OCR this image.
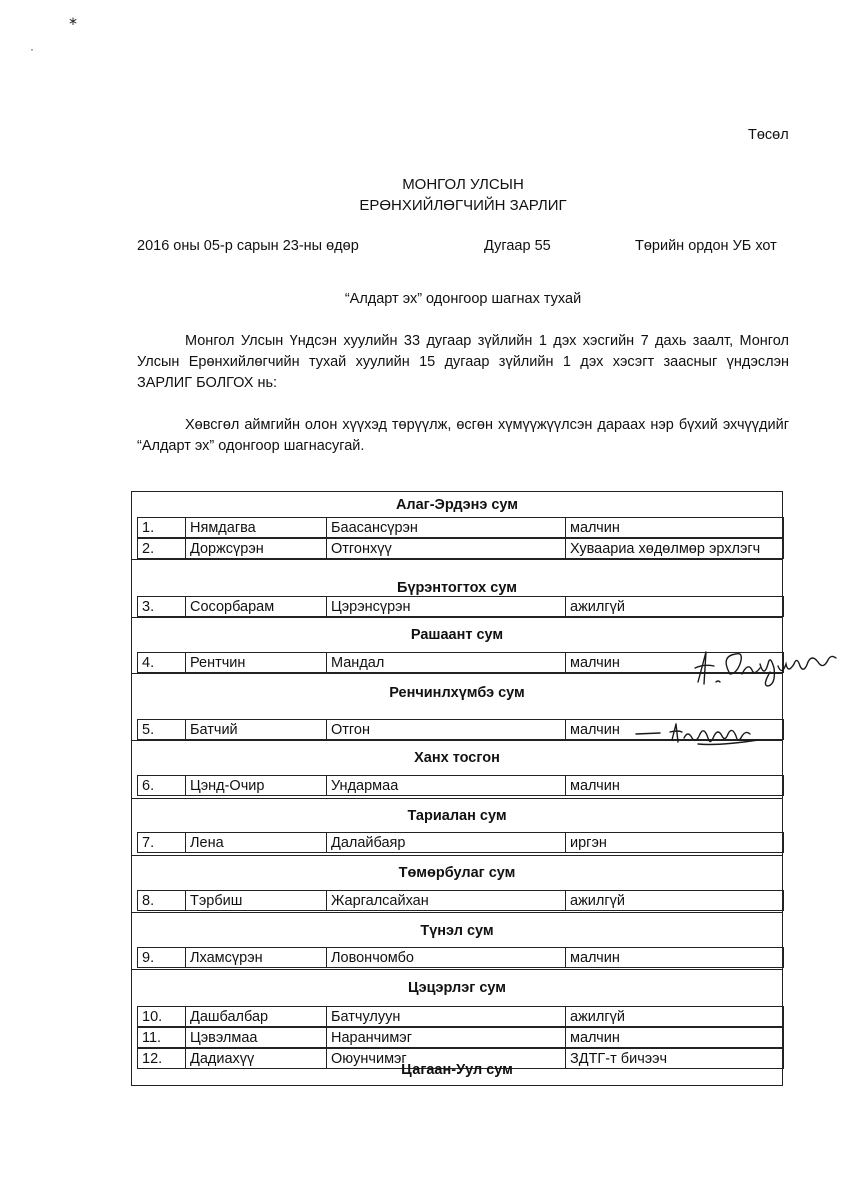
∗
·
Төсөл
МОНГОЛ УЛСЫН
ЕРӨНХИЙЛӨГЧИЙН ЗАРЛИГ
2016 оны 05-р сарын 23-ны өдөр	Дугаар 55	Төрийн ордон УБ хот
“Алдарт эх” одонгоор шагнах тухай
Монгол Улсын Үндсэн хуулийн 33 дугаар зүйлийн 1 дэх хэсгийн 7 дахь заалт, Монгол Улсын Ерөнхийлөгчийн тухай хуулийн 15 дугаар зүйлийн 1 дэх хэсэгт заасныг үндэслэн ЗАРЛИГ БОЛГОХ нь:
Хөвсгөл аймгийн олон хүүхэд төрүүлж, өсгөн хүмүүжүүлсэн дараах нэр бүхий эхчүүдийг “Алдарт эх” одонгоор шагнасугай.
Алаг-Эрдэнэ сум
1.	Нямдагва	Баасансүрэн	малчин
2.	Доржсүрэн	Отгонхүү	Хуваариа хөдөлмөр эрхлэгч
Бүрэнтогтох сум
3.	Сосорбарам	Цэрэнсүрэн	ажилгүй
Рашаант сум
4.	Рентчин	Мандал	малчин
Ренчинлхүмбэ сум
5.	Батчий	Отгон	малчин
Ханх тосгон
6.	Цэнд-Очир	Ундармаа	малчин
Тариалан сум
7.	Лена	Далайбаяр	иргэн
Төмөрбулаг сум
8.	Тэрбиш	Жаргалсайхан	ажилгүй
Түнэл сум
9.	Лхамсүрэн	Ловончомбо	малчин
Цэцэрлэг сум
10.	Дашбалбар	Батчулуун	ажилгүй
11.	Цэвэлмаа	Наранчимэг	малчин
12.	Дадиахүү	Оюунчимэг	ЗДТГ-т бичээч
Цагаан-Уул сум
